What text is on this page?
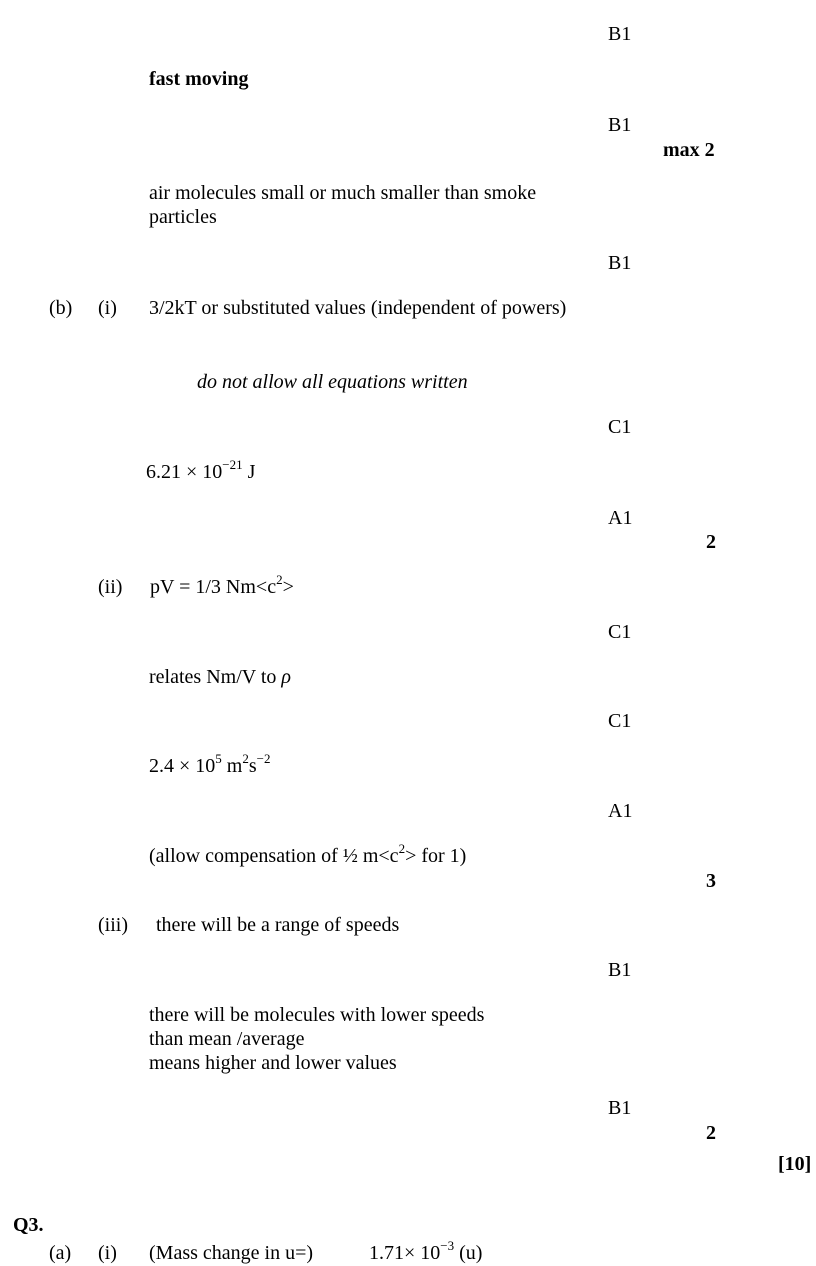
B1
fast moving
B1
max 2
air molecules small or much smaller than smoke
particles
B1
(b) (i) 3/2kT or substituted values (independent of powers)
do not allow all equations written
C1
$6.21 \times 10^{-21}$ J
A1
2
(ii) pV = 1/3 $Nm<c^2>$
C1
relates Nm/V to ρ
C1
$2.4 \times 10^5$ $m^2s^{-2}$
A1
(allow compensation of ½ $m<c^2>$ for 1)
3
(iii) there will be a range of speeds
B1
there will be molecules with lower speeds
than mean /average
means higher and lower values
B1
2
[10]
Q3.
(a) (i) (Mass change in u=)	$1.71\times 10^{-3}$ (u)
